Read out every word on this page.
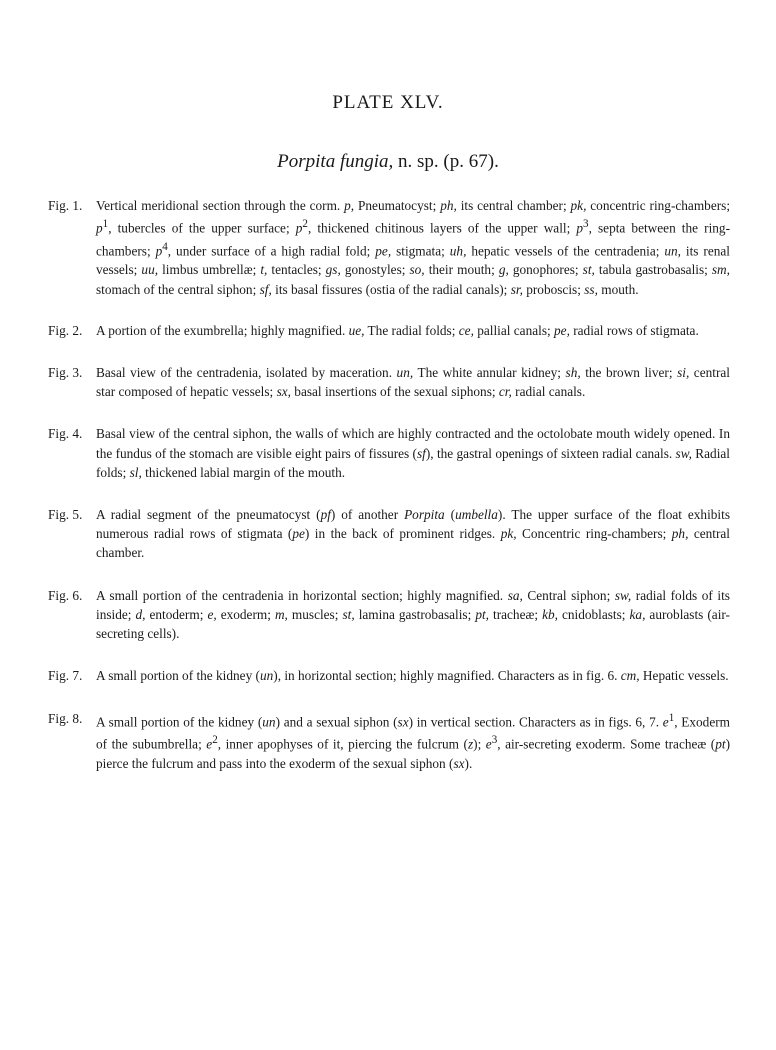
PLATE XLV.
Porpita fungia, n. sp. (p. 67).
Fig. 1.	Vertical meridional section through the corm. p, Pneumatocyst; ph, its central chamber; pk, concentric ring-chambers; $p^1$, tubercles of the upper surface; $p^2$, thickened chitinous layers of the upper wall; $p^3$, septa between the ring-chambers; $p^4$, under surface of a high radial fold; pe, stigmata; uh, hepatic vessels of the centradenia; un, its renal vessels; uu, limbus umbrellæ; t, tentacles; gs, gonostyles; so, their mouth; g, gonophores; st, tabula gastrobasalis; sm, stomach of the central siphon; sf, its basal fissures (ostia of the radial canals); sr, proboscis; ss, mouth.
Fig. 2.	A portion of the exumbrella; highly magnified. ue, The radial folds; ce, pallial canals; pe, radial rows of stigmata.
Fig. 3.	Basal view of the centradenia, isolated by maceration. un, The white annular kidney; sh, the brown liver; si, central star composed of hepatic vessels; sx, basal insertions of the sexual siphons; cr, radial canals.
Fig. 4.	Basal view of the central siphon, the walls of which are highly contracted and the octolobate mouth widely opened. In the fundus of the stomach are visible eight pairs of fissures (sf), the gastral openings of sixteen radial canals. sw, Radial folds; sl, thickened labial margin of the mouth.
Fig. 5.	A radial segment of the pneumatocyst (pf) of another Porpita (umbella). The upper surface of the float exhibits numerous radial rows of stigmata (pe) in the back of prominent ridges. pk, Concentric ring-chambers; ph, central chamber.
Fig. 6.	A small portion of the centradenia in horizontal section; highly magnified. sa, Central siphon; sw, radial folds of its inside; d, entoderm; e, exoderm; m, muscles; st, lamina gastrobasalis; pt, tracheæ; kb, cnidoblasts; ka, auroblasts (air-secreting cells).
Fig. 7.	A small portion of the kidney (un), in horizontal section; highly magnified. Characters as in fig. 6. cm, Hepatic vessels.
Fig. 8.	A small portion of the kidney (un) and a sexual siphon (sx) in vertical section. Characters as in figs. 6, 7. $e^1$, Exoderm of the subumbrella; $e^2$, inner apophyses of it, piercing the fulcrum (z); $e^3$, air-secreting exoderm. Some tracheæ (pt) pierce the fulcrum and pass into the exoderm of the sexual siphon (sx).
